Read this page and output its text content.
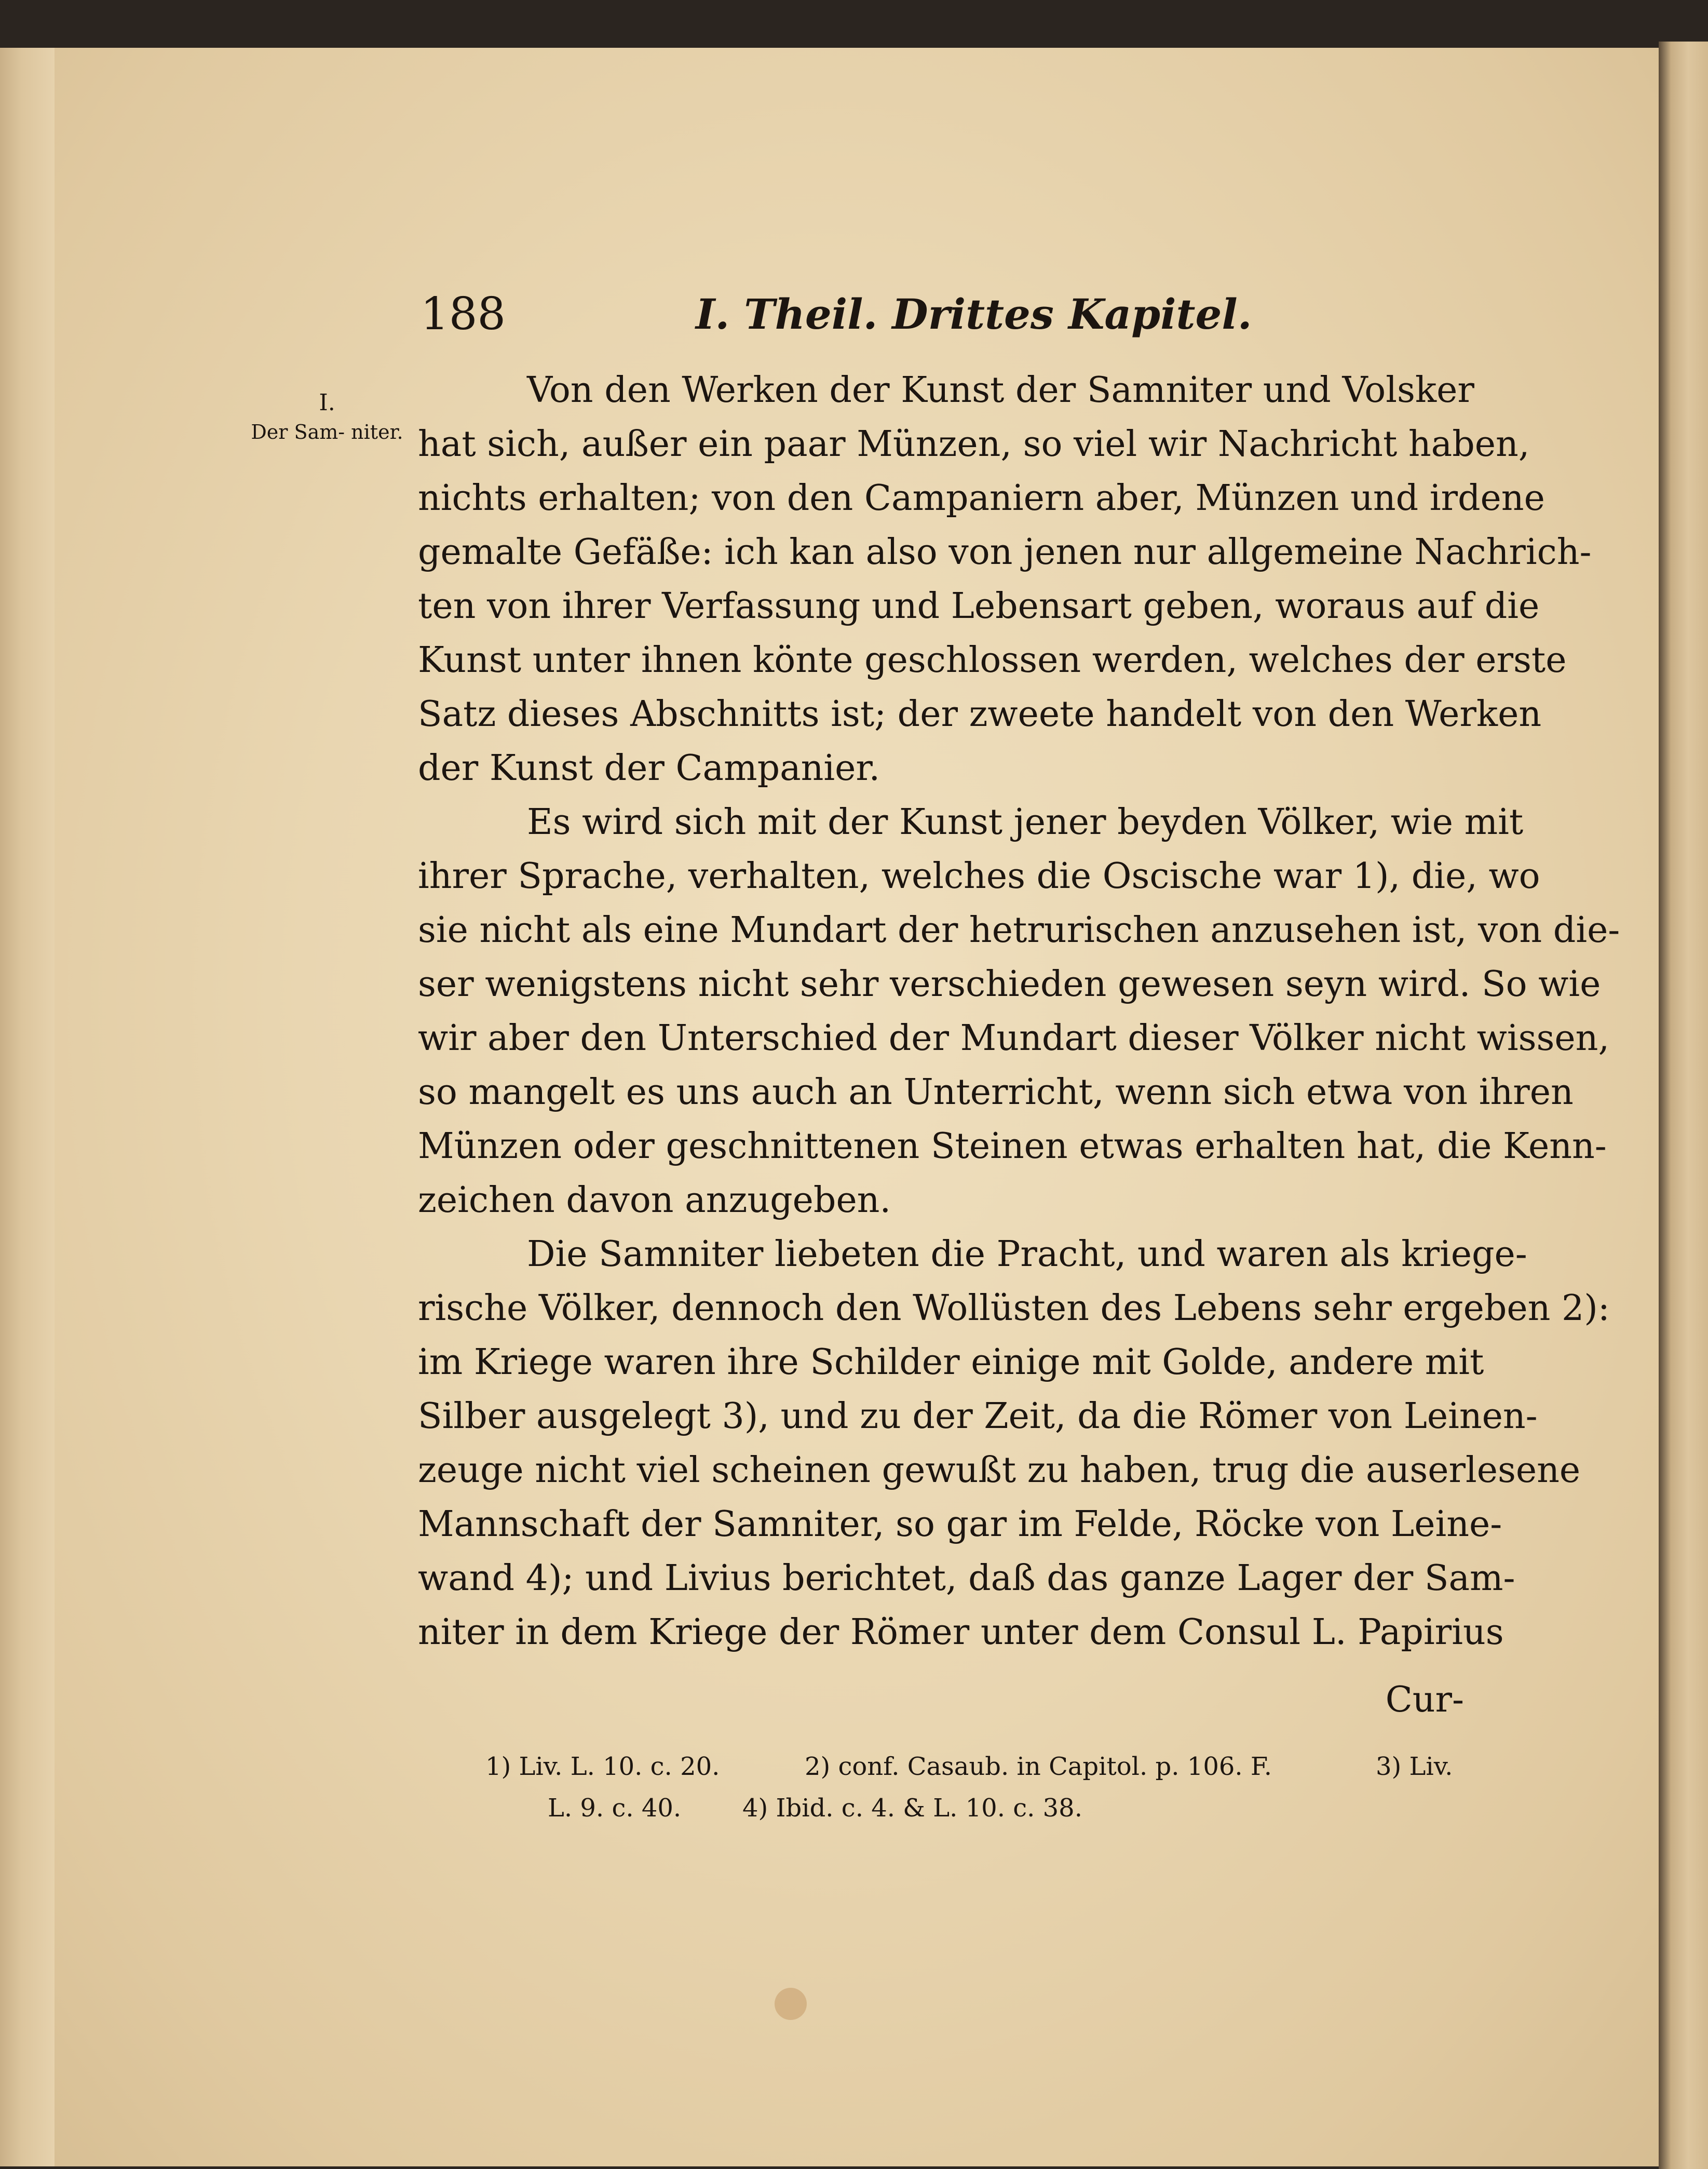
188	I. Theil. Drittes Kapitel.
I.
Der Sam- niter.
Von den Werken der Kunst der Samniter und Volsker
hat sich, außer ein paar Münzen, so viel wir Nachricht haben,
nichts erhalten; von den Campaniern aber, Münzen und irdene
gemalte Gefäße: ich kan also von jenen nur allgemeine Nachrich-
ten von ihrer Verfassung und Lebensart geben, woraus auf die
Kunst unter ihnen könte geschlossen werden, welches der erste
Satz dieses Abschnitts ist; der zweete handelt von den Werken
der Kunst der Campanier.
Es wird sich mit der Kunst jener beyden Völker, wie mit
ihrer Sprache, verhalten, welches die Oscische war 1), die, wo
sie nicht als eine Mundart der hetrurischen anzusehen ist, von die-
ser wenigstens nicht sehr verschieden gewesen seyn wird. So wie
wir aber den Unterschied der Mundart dieser Völker nicht wissen,
so mangelt es uns auch an Unterricht, wenn sich etwa von ihren
Münzen oder geschnittenen Steinen etwas erhalten hat, die Kenn-
zeichen davon anzugeben.
Die Samniter liebeten die Pracht, und waren als kriege-
rische Völker, dennoch den Wollüsten des Lebens sehr ergeben 2):
im Kriege waren ihre Schilder einige mit Golde, andere mit
Silber ausgelegt 3), und zu der Zeit, da die Römer von Leinen-
zeuge nicht viel scheinen gewußt zu haben, trug die auserlesene
Mannschaft der Samniter, so gar im Felde, Röcke von Leine-
wand 4); und Livius berichtet, daß das ganze Lager der Sam-
niter in dem Kriege der Römer unter dem Consul L. Papirius
Cur-
1) Liv. L. 10. c. 20.	2) conf. Casaub. in Capitol. p. 106. F.	3) Liv.
L. 9. c. 40. 4) Ibid. c. 4. & L. 10. c. 38.
